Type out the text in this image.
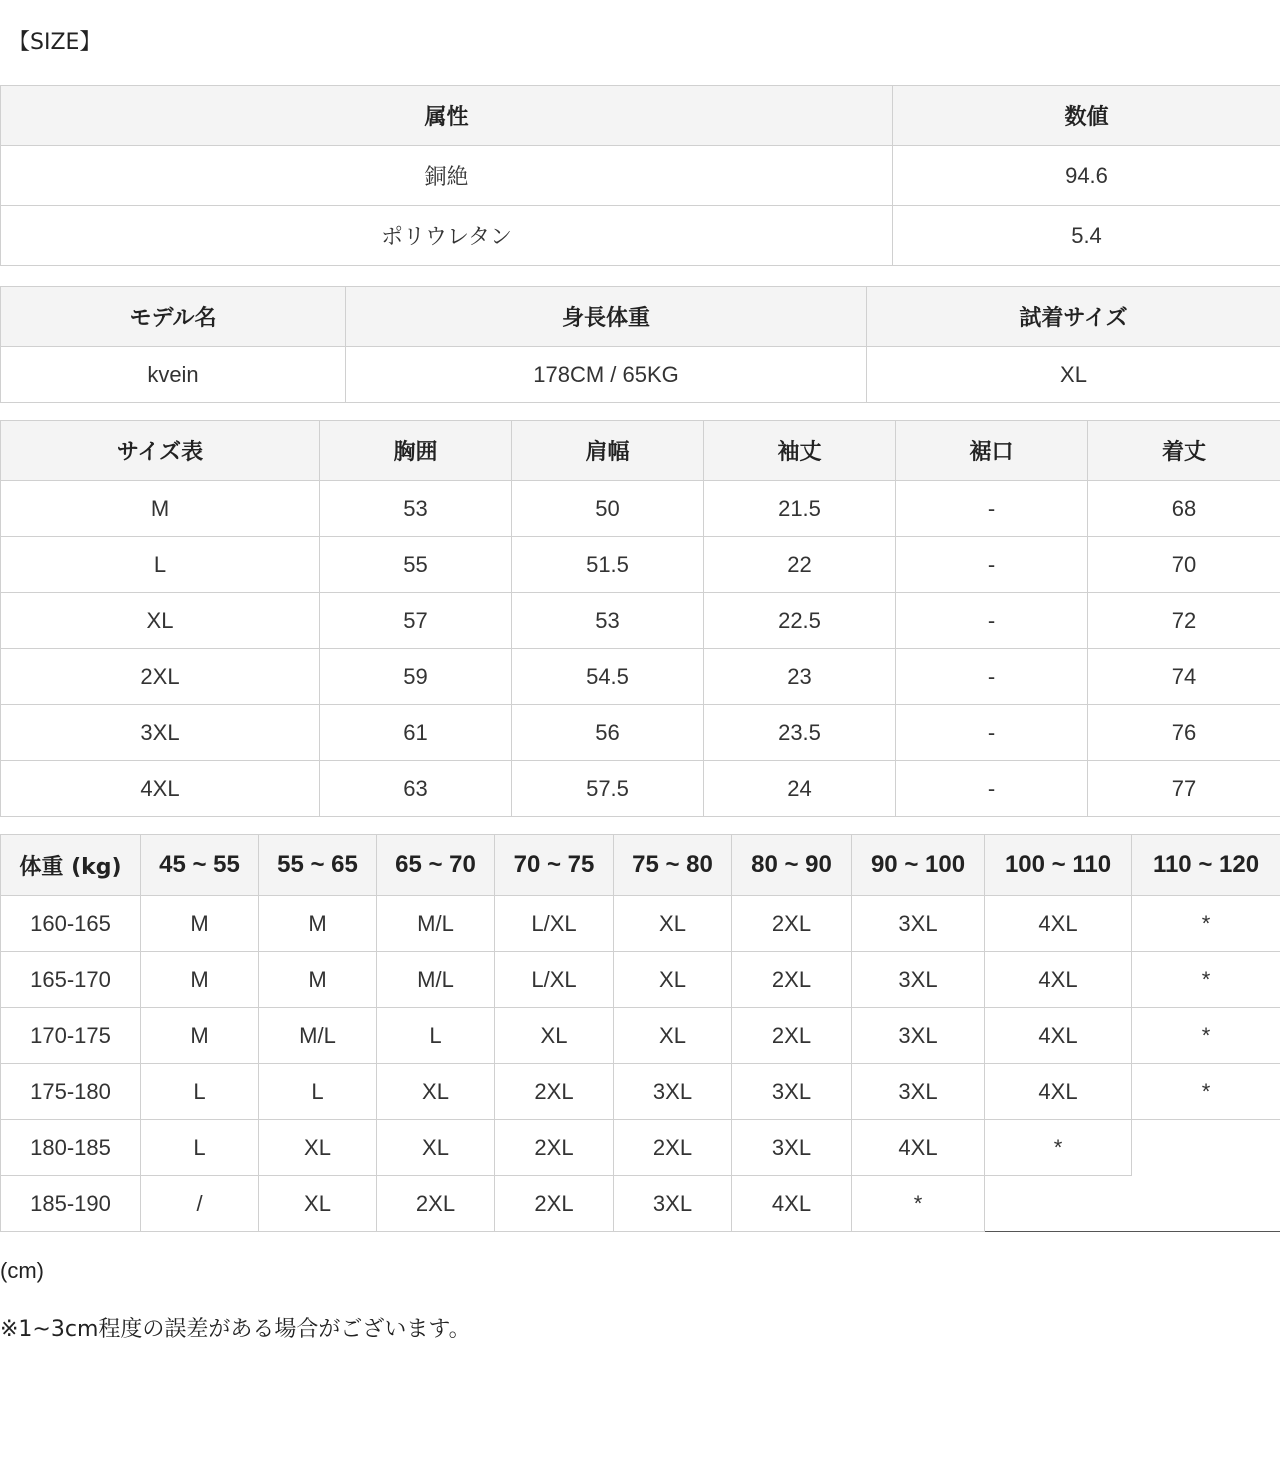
【SIZE】
属性	数値
銅絶	94.6
ポリウレタン	5.4
モデル名	身長体重	試着サイズ
kvein	178CM / 65KG	XL
サイズ表	胸囲	肩幅	袖丈	裾口	着丈
M	53	50	21.5	-	68
L	55	51.5	22	-	70
XL	57	53	22.5	-	72
2XL	59	54.5	23	-	74
3XL	61	56	23.5	-	76
4XL	63	57.5	24	-	77
体重 (kg)	45 ~ 55	55 ~ 65	65 ~ 70	70 ~ 75	75 ~ 80	80 ~ 90	90 ~ 100	100 ~ 110	110 ~ 120
160-165	M	M	M/L	L/XL	XL	2XL	3XL	4XL	*
165-170	M	M	M/L	L/XL	XL	2XL	3XL	4XL	*
170-175	M	M/L	L	XL	XL	2XL	3XL	4XL	*
175-180	L	L	XL	2XL	3XL	3XL	3XL	4XL	*
180-185	L	XL	XL	2XL	2XL	3XL	4XL	*	
185-190	/	XL	2XL	2XL	3XL	4XL	*		
(cm)
※1~3cm程度の誤差がある場合がございます。
